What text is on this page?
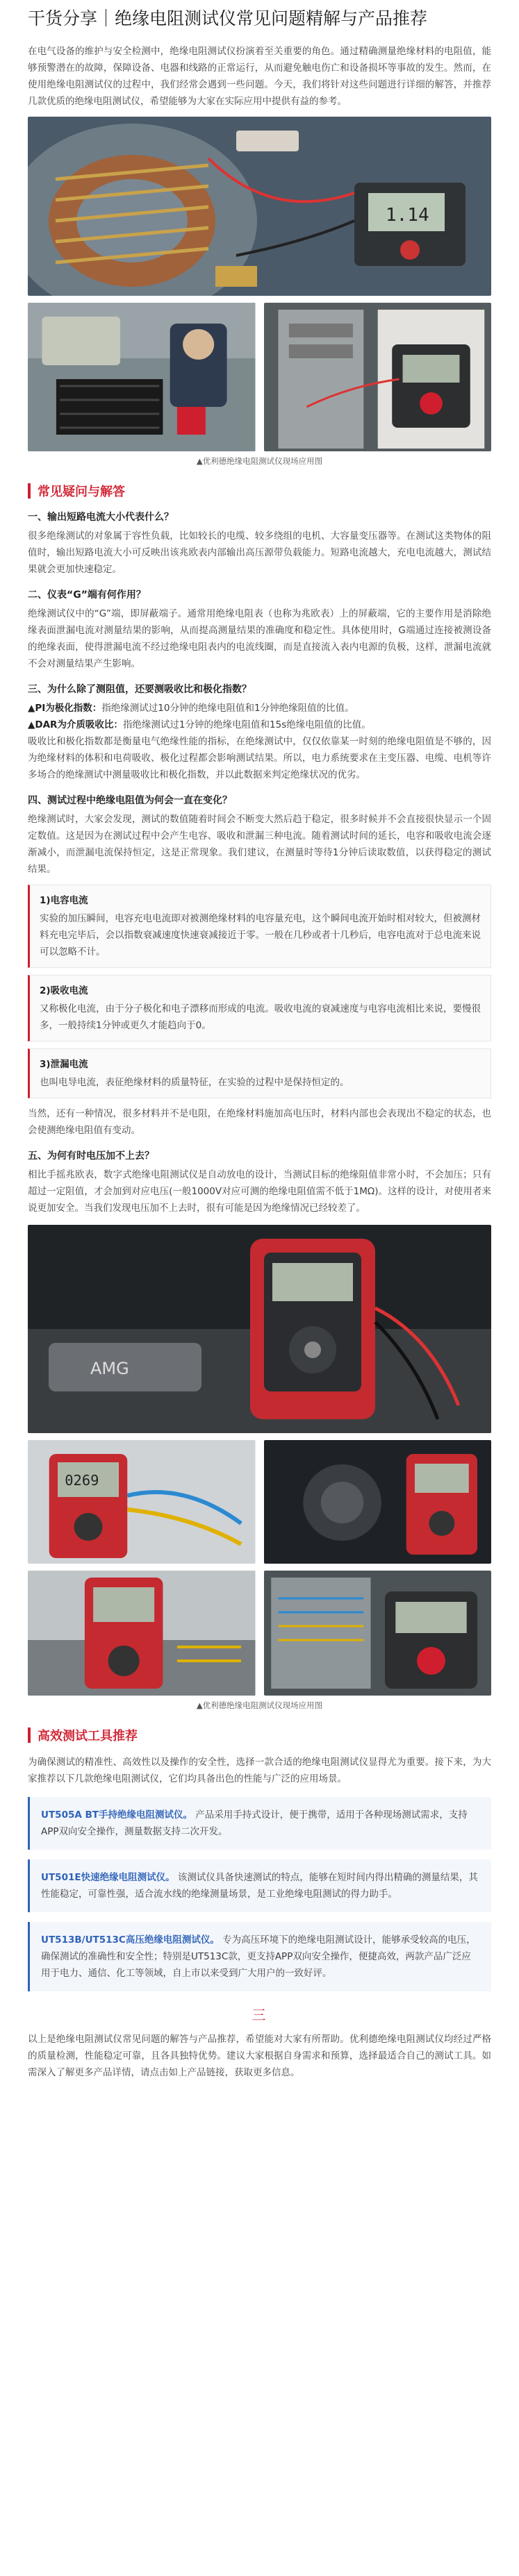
干货分享｜绝缘电阻测试仪常见问题精解与产品推荐

在电气设备的维护与安全检测中，绝缘电阻测试仪扮演着至关重要的角色。通过精确测量绝缘材料的电阻值，能够预警潜在的故障，保障设备、电器和线路的正常运行，从而避免触电伤亡和设备损坏等事故的发生。然而，在使用绝缘电阻测试仪的过程中，我们经常会遇到一些问题。今天，我们将针对这些问题进行详细的解答，并推荐几款优质的绝缘电阻测试仪，希望能够为大家在实际应用中提供有益的参考。

1.14
▲优利德绝缘电阻测试仪现场应用图
常见疑问与解答
一、输出短路电流大小代表什么？

很多绝缘测试的对象属于容性负载，比如较长的电缆、较多绕组的电机、大容量变压器等。在测试这类物体的阻值时，输出短路电流大小可反映出该兆欧表内部输出高压源带负载能力。短路电流越大，充电电流越大，测试结果就会更加快速稳定。

二、仪表“G”端有何作用？

绝缘测试仪中的“G”端，即屏蔽端子。通常用绝缘电阻表（也称为兆欧表）上的屏蔽端，它的主要作用是消除绝缘表面泄漏电流对测量结果的影响，从而提高测量结果的准确度和稳定性。具体使用时，G端通过连接被测设备的绝缘表面，使得泄漏电流不经过绝缘电阻表内的电流线圈，而是直接流入表内电源的负极，这样，泄漏电流就不会对测量结果产生影响。

三、为什么除了测阻值，还要测吸收比和极化指数？
▲PI为极化指数：指绝缘测试过10分钟的绝缘电阻值和1分钟绝缘阻值的比值。
▲DAR为介质吸收比：指绝缘测试过1分钟的绝缘电阻值和15s绝缘电阻值的比值。

吸收比和极化指数都是衡量电气绝缘性能的指标，在绝缘测试中，仅仅依靠某一时刻的绝缘电阻值是不够的，因为绝缘材料的体积和电荷吸收、极化过程都会影响测试结果。所以，电力系统要求在主变压器、电缆、电机等许多场合的绝缘测试中测量吸收比和极化指数，并以此数据来判定绝缘状况的优劣。

四、测试过程中绝缘电阻值为何会一直在变化？

绝缘测试时，大家会发现，测试的数值随着时间会不断变大然后趋于稳定，很多时候并不会直接很快显示一个固定数值。这是因为在测试过程中会产生电容、吸收和泄漏三种电流。随着测试时间的延长，电容和吸收电流会逐渐减小，而泄漏电流保持恒定，这是正常现象。我们建议，在测量时等待1分钟后读取数值，以获得稳定的测试结果。

1)电容电流

实验的加压瞬间，电容充电电流即对被测绝缘材料的电容量充电，这个瞬间电流开始时相对较大，但被测材料充电完毕后，会以指数衰减速度快速衰减接近于零。一般在几秒或者十几秒后，电容电流对于总电流来说可以忽略不计。

2)吸收电流

又称极化电流，由于分子极化和电子漂移而形成的电流。吸收电流的衰减速度与电容电流相比来说，要慢很多，一般持续1分钟或更久才能趋向于0。

3)泄漏电流

也叫电导电流，表征绝缘材料的质量特征，在实验的过程中是保持恒定的。

当然，还有一种情况，很多材料并不是电阻，在绝缘材料施加高电压时，材料内部也会表现出不稳定的状态，也会使测绝缘电阻值有变动。

五、为何有时电压加不上去？

相比手摇兆欧表，数字式绝缘电阻测试仪是自动放电的设计，当测试目标的绝缘阻值非常小时，不会加压；只有超过一定阻值，才会加到对应电压(一般1000V对应可测的绝缘电阻值需不低于1MΩ)。这样的设计，对使用者来说更加安全。当我们发现电压加不上去时，很有可能是因为绝缘情况已经较差了。

AMG
0269
▲优利德绝缘电阻测试仪现场应用图
高效测试工具推荐

为确保测试的精准性、高效性以及操作的安全性，选择一款合适的绝缘电阻测试仪显得尤为重要。接下来，为大家推荐以下几款绝缘电阻测试仪，它们均具备出色的性能与广泛的应用场景。

UT505A BT手持绝缘电阻测试仪。 产品采用手持式设计，便于携带，适用于各种现场测试需求，支持APP双向安全操作，测量数据支持二次开发。
UT501E快速绝缘电阻测试仪。 该测试仪具备快速测试的特点，能够在短时间内得出精确的测量结果，其性能稳定，可靠性强，适合流水线的绝缘测量场景，是工业绝缘电阻测试的得力助手。
UT513B/UT513C高压绝缘电阻测试仪。 专为高压环境下的绝缘电阻测试设计，能够承受较高的电压，确保测试的准确性和安全性；特别是UT513C款，更支持APP双向安全操作，便捷高效，两款产品广泛应用于电力、通信、化工等领域，自上市以来受到广大用户的一致好评。
三

以上是绝缘电阻测试仪常见问题的解答与产品推荐，希望能对大家有所帮助。优利德绝缘电阻测试仪均经过严格的质量检测，性能稳定可靠，且各具独特优势。建议大家根据自身需求和预算，选择最适合自己的测试工具。如需深入了解更多产品详情，请点击如上产品链接，获取更多信息。
